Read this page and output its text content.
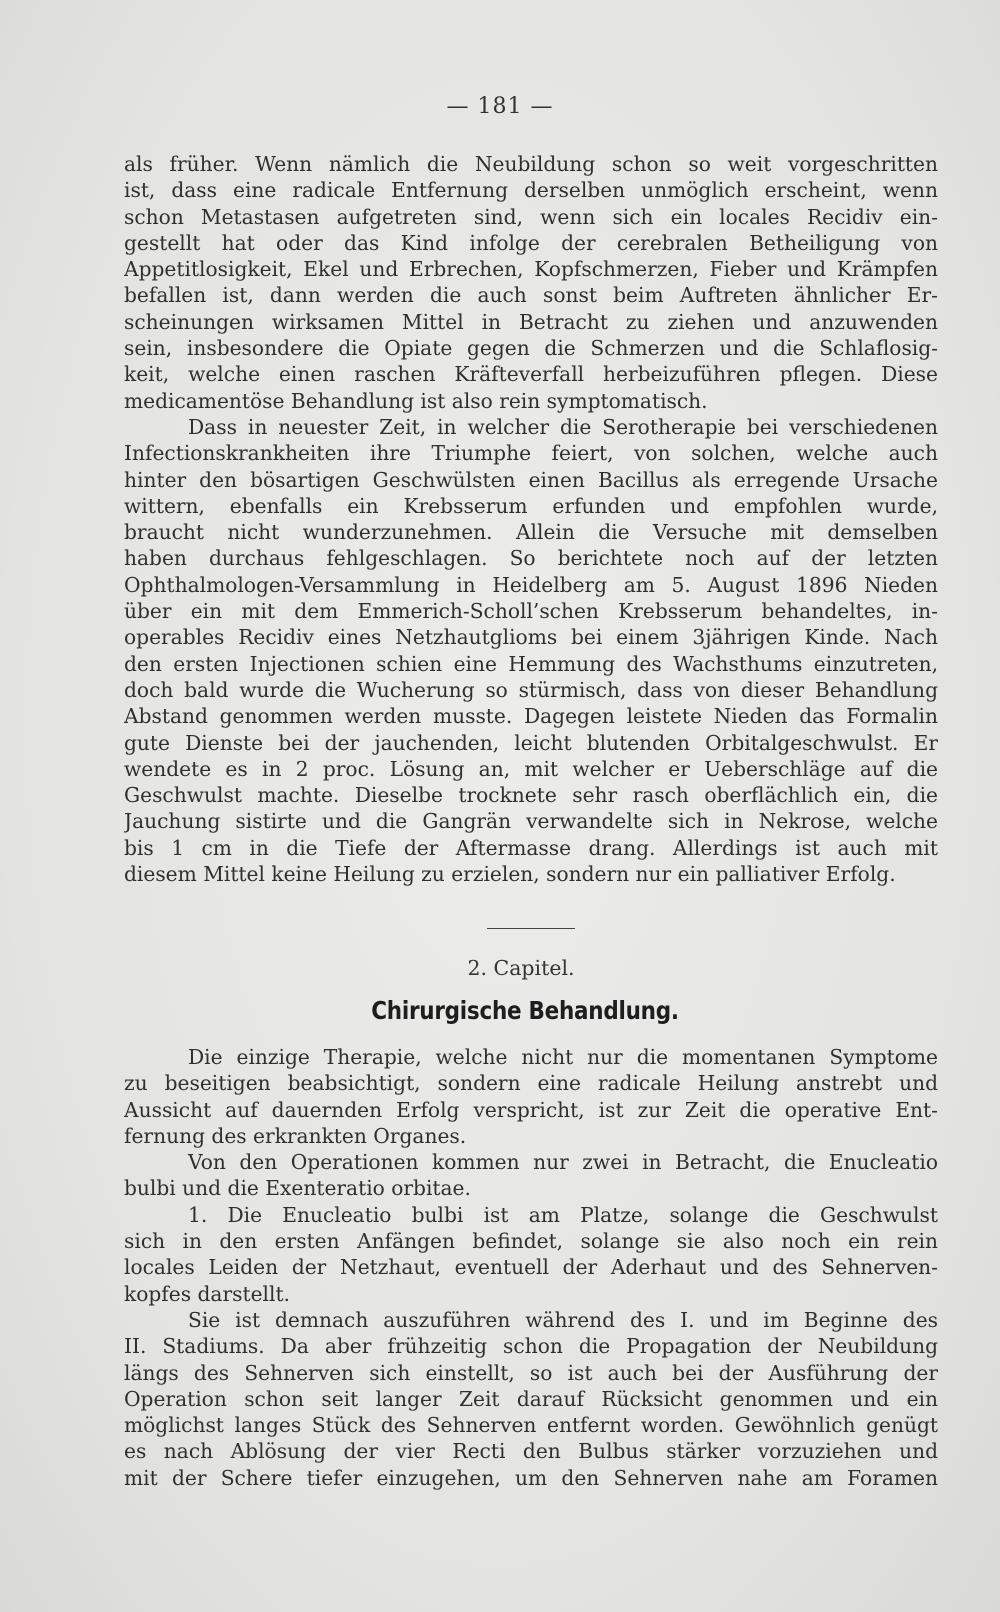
— 181 —
als früher. Wenn nämlich die Neubildung schon so weit vorgeschritten
ist, dass eine radicale Entfernung derselben unmöglich erscheint, wenn
schon Metastasen aufgetreten sind, wenn sich ein locales Recidiv ein-
gestellt hat oder das Kind infolge der cerebralen Betheiligung von
Appetitlosigkeit, Ekel und Erbrechen, Kopfschmerzen, Fieber und Krämpfen
befallen ist, dann werden die auch sonst beim Auftreten ähnlicher Er-
scheinungen wirksamen Mittel in Betracht zu ziehen und anzuwenden
sein, insbesondere die Opiate gegen die Schmerzen und die Schlaflosig-
keit, welche einen raschen Kräfteverfall herbeizuführen pflegen. Diese
medicamentöse Behandlung ist also rein symptomatisch.
Dass in neuester Zeit, in welcher die Serotherapie bei verschiedenen
Infectionskrankheiten ihre Triumphe feiert, von solchen, welche auch
hinter den bösartigen Geschwülsten einen Bacillus als erregende Ursache
wittern, ebenfalls ein Krebsserum erfunden und empfohlen wurde,
braucht nicht wunderzunehmen. Allein die Versuche mit demselben
haben durchaus fehlgeschlagen. So berichtete noch auf der letzten
Ophthalmologen-Versammlung in Heidelberg am 5. August 1896 Nieden
über ein mit dem Emmerich-Scholl’schen Krebsserum behandeltes, in-
operables Recidiv eines Netzhautglioms bei einem 3jährigen Kinde. Nach
den ersten Injectionen schien eine Hemmung des Wachsthums einzutreten,
doch bald wurde die Wucherung so stürmisch, dass von dieser Behandlung
Abstand genommen werden musste. Dagegen leistete Nieden das Formalin
gute Dienste bei der jauchenden, leicht blutenden Orbitalgeschwulst. Er
wendete es in 2 proc. Lösung an, mit welcher er Ueberschläge auf die
Geschwulst machte. Dieselbe trocknete sehr rasch oberflächlich ein, die
Jauchung sistirte und die Gangrän verwandelte sich in Nekrose, welche
bis 1 cm in die Tiefe der Aftermasse drang. Allerdings ist auch mit
diesem Mittel keine Heilung zu erzielen, sondern nur ein palliativer Erfolg.
2. Capitel.
Chirurgische Behandlung.
Die einzige Therapie, welche nicht nur die momentanen Symptome
zu beseitigen beabsichtigt, sondern eine radicale Heilung anstrebt und
Aussicht auf dauernden Erfolg verspricht, ist zur Zeit die operative Ent-
fernung des erkrankten Organes.
Von den Operationen kommen nur zwei in Betracht, die Enucleatio
bulbi und die Exenteratio orbitae.
1. Die Enucleatio bulbi ist am Platze, solange die Geschwulst
sich in den ersten Anfängen befindet, solange sie also noch ein rein
locales Leiden der Netzhaut, eventuell der Aderhaut und des Sehnerven-
kopfes darstellt.
Sie ist demnach auszuführen während des I. und im Beginne des
II. Stadiums. Da aber frühzeitig schon die Propagation der Neubildung
längs des Sehnerven sich einstellt, so ist auch bei der Ausführung der
Operation schon seit langer Zeit darauf Rücksicht genommen und ein
möglichst langes Stück des Sehnerven entfernt worden. Gewöhnlich genügt
es nach Ablösung der vier Recti den Bulbus stärker vorzuziehen und
mit der Schere tiefer einzugehen, um den Sehnerven nahe am Foramen
